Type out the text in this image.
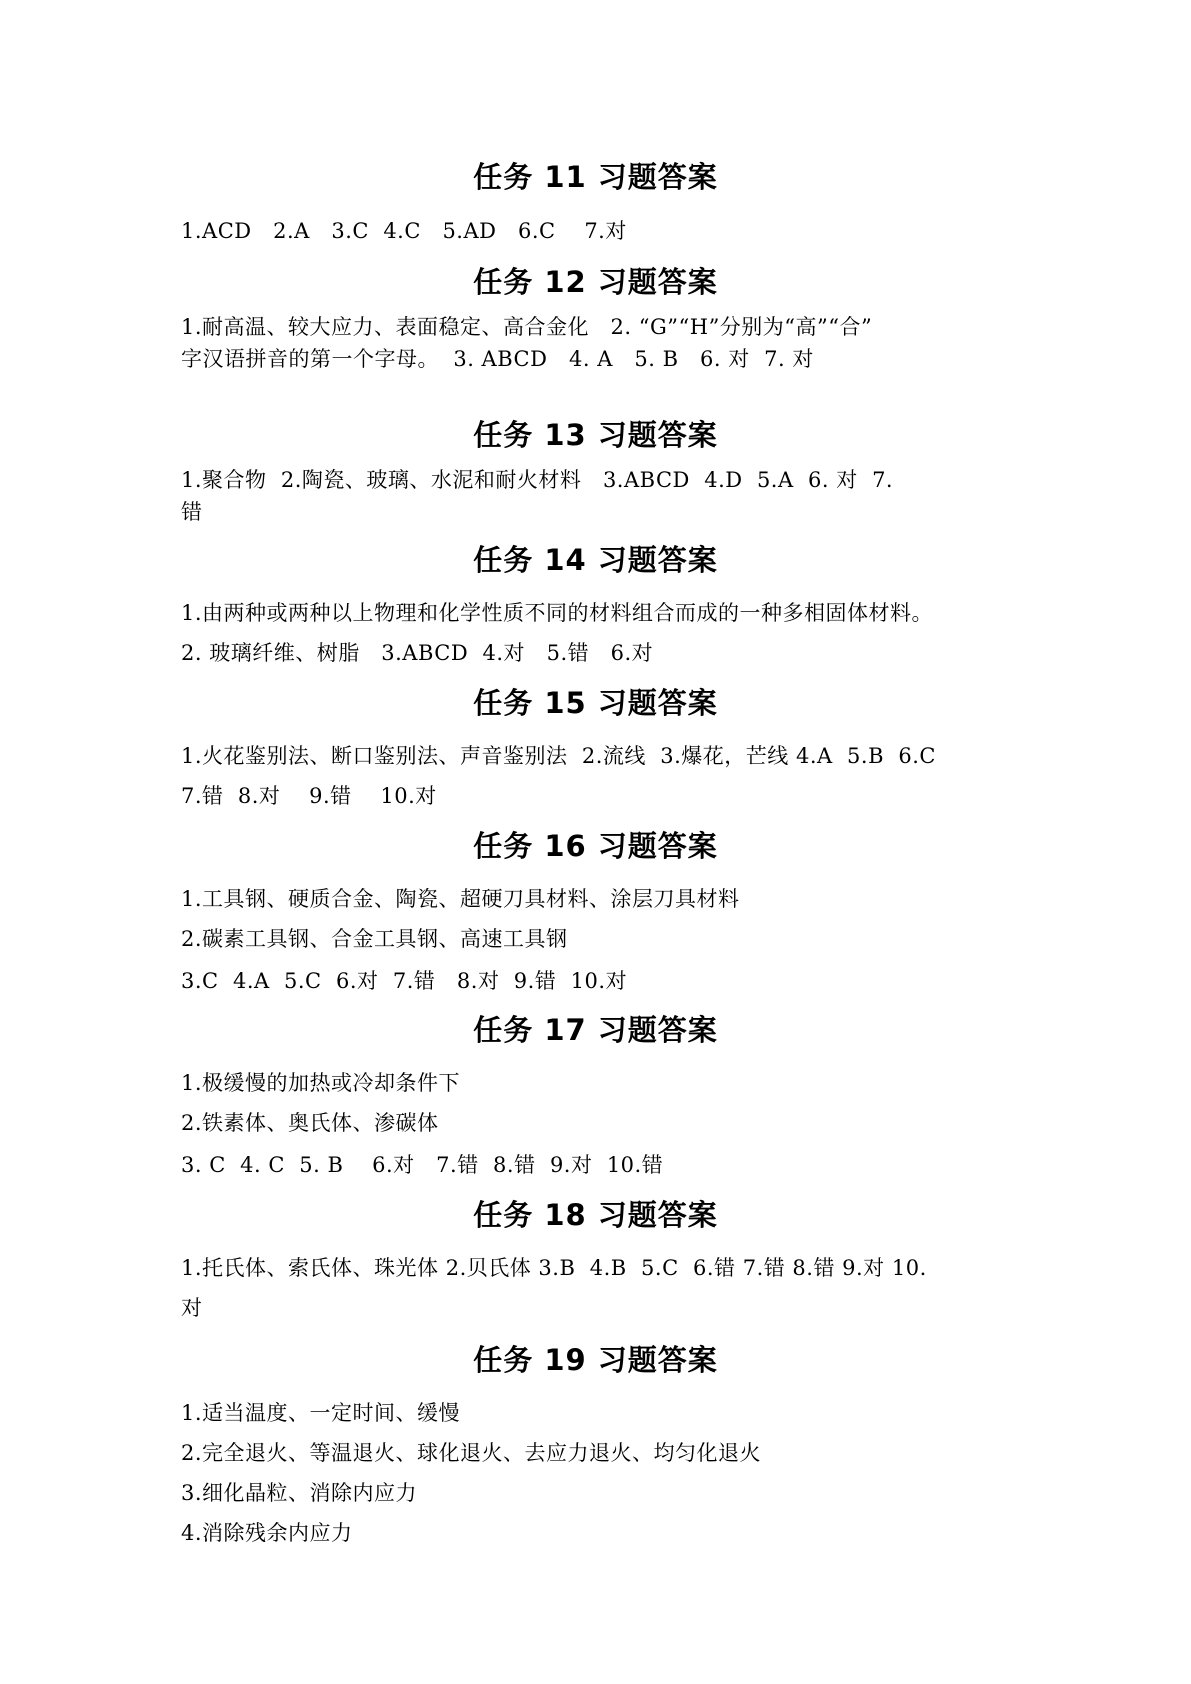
任务 11 习题答案
1.ACD   2.A   3.C  4.C   5.AD   6.C    7.对
任务 12 习题答案
1.耐高温、较大应力、表面稳定、高合金化   2. “G”“H”分别为“高”“合”
字汉语拼音的第一个字母。  3. ABCD   4. A   5. B   6. 对  7. 对
任务 13 习题答案
1.聚合物  2.陶瓷、玻璃、水泥和耐火材料   3.ABCD  4.D  5.A  6. 对  7.
错
任务 14 习题答案
1.由两种或两种以上物理和化学性质不同的材料组合而成的一种多相固体材料。
2. 玻璃纤维、树脂   3.ABCD  4.对   5.错   6.对
任务 15 习题答案
1.火花鉴别法、断口鉴别法、声音鉴别法  2.流线  3.爆花，芒线 4.A  5.B  6.C
7.错  8.对    9.错    10.对
任务 16 习题答案
1.工具钢、硬质合金、陶瓷、超硬刀具材料、涂层刀具材料
2.碳素工具钢、合金工具钢、高速工具钢
3.C  4.A  5.C  6.对  7.错   8.对  9.错  10.对
任务 17 习题答案
1.极缓慢的加热或冷却条件下
2.铁素体、奥氏体、渗碳体
3. C  4. C  5. B    6.对   7.错  8.错  9.对  10.错
任务 18 习题答案
1.托氏体、索氏体、珠光体 2.贝氏体 3.B  4.B  5.C  6.错 7.错 8.错 9.对 10.
对
任务 19 习题答案
1.适当温度、一定时间、缓慢
2.完全退火、等温退火、球化退火、去应力退火、均匀化退火
3.细化晶粒、消除内应力
4.消除残余内应力
